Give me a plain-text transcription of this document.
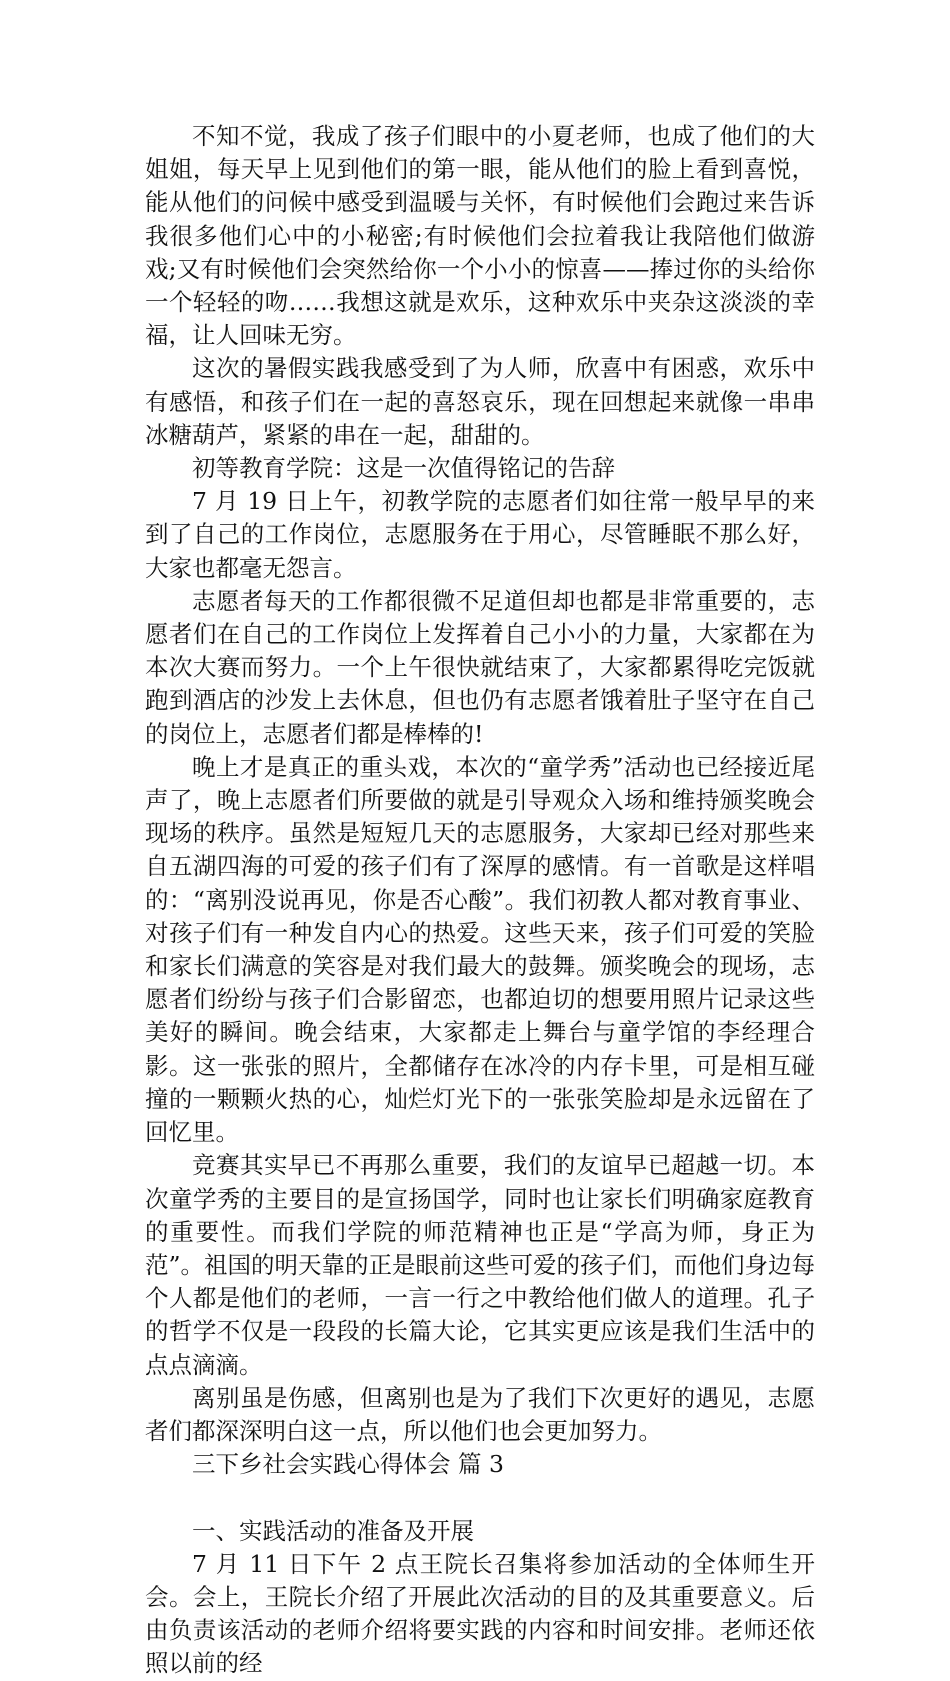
不知不觉，我成了孩子们眼中的小夏老师，也成了他们的大姐姐，每天早上见到他们的第一眼，能从他们的脸上看到喜悦，能从他们的问候中感受到温暖与关怀，有时候他们会跑过来告诉我很多他们心中的小秘密;有时候他们会拉着我让我陪他们做游戏;又有时候他们会突然给你一个小小的惊喜——捧过你的头给你一个轻轻的吻……我想这就是欢乐，这种欢乐中夹杂这淡淡的幸福，让人回味无穷。

这次的暑假实践我感受到了为人师，欣喜中有困惑，欢乐中有感悟，和孩子们在一起的喜怒哀乐，现在回想起来就像一串串冰糖葫芦，紧紧的串在一起，甜甜的。

初等教育学院：这是一次值得铭记的告辞

7 月 19 日上午，初教学院的志愿者们如往常一般早早的来到了自己的工作岗位，志愿服务在于用心，尽管睡眠不那么好，大家也都毫无怨言。

志愿者每天的工作都很微不足道但却也都是非常重要的，志愿者们在自己的工作岗位上发挥着自己小小的力量，大家都在为本次大赛而努力。一个上午很快就结束了，大家都累得吃完饭就跑到酒店的沙发上去休息，但也仍有志愿者饿着肚子坚守在自己的岗位上，志愿者们都是棒棒的!

晚上才是真正的重头戏，本次的“童学秀”活动也已经接近尾声了，晚上志愿者们所要做的就是引导观众入场和维持颁奖晚会现场的秩序。虽然是短短几天的志愿服务，大家却已经对那些来自五湖四海的可爱的孩子们有了深厚的感情。有一首歌是这样唱的：“离别没说再见，你是否心酸”。我们初教人都对教育事业、对孩子们有一种发自内心的热爱。这些天来，孩子们可爱的笑脸和家长们满意的笑容是对我们最大的鼓舞。颁奖晚会的现场，志愿者们纷纷与孩子们合影留恋，也都迫切的想要用照片记录这些美好的瞬间。晚会结束，大家都走上舞台与童学馆的李经理合影。这一张张的照片，全都储存在冰冷的内存卡里，可是相互碰撞的一颗颗火热的心，灿烂灯光下的一张张笑脸却是永远留在了回忆里。

竞赛其实早已不再那么重要，我们的友谊早已超越一切。本次童学秀的主要目的是宣扬国学，同时也让家长们明确家庭教育的重要性。而我们学院的师范精神也正是“学高为师，身正为范”。祖国的明天靠的正是眼前这些可爱的孩子们，而他们身边每个人都是他们的老师，一言一行之中教给他们做人的道理。孔子的哲学不仅是一段段的长篇大论，它其实更应该是我们生活中的点点滴滴。

离别虽是伤感，但离别也是为了我们下次更好的遇见，志愿者们都深深明白这一点，所以他们也会更加努力。

三下乡社会实践心得体会 篇 3

一、实践活动的准备及开展

7 月 11 日下午 2 点王院长召集将参加活动的全体师生开会。会上，王院长介绍了开展此次活动的目的及其重要意义。后由负责该活动的老师介绍将要实践的内容和时间安排。老师还依照以前的经
